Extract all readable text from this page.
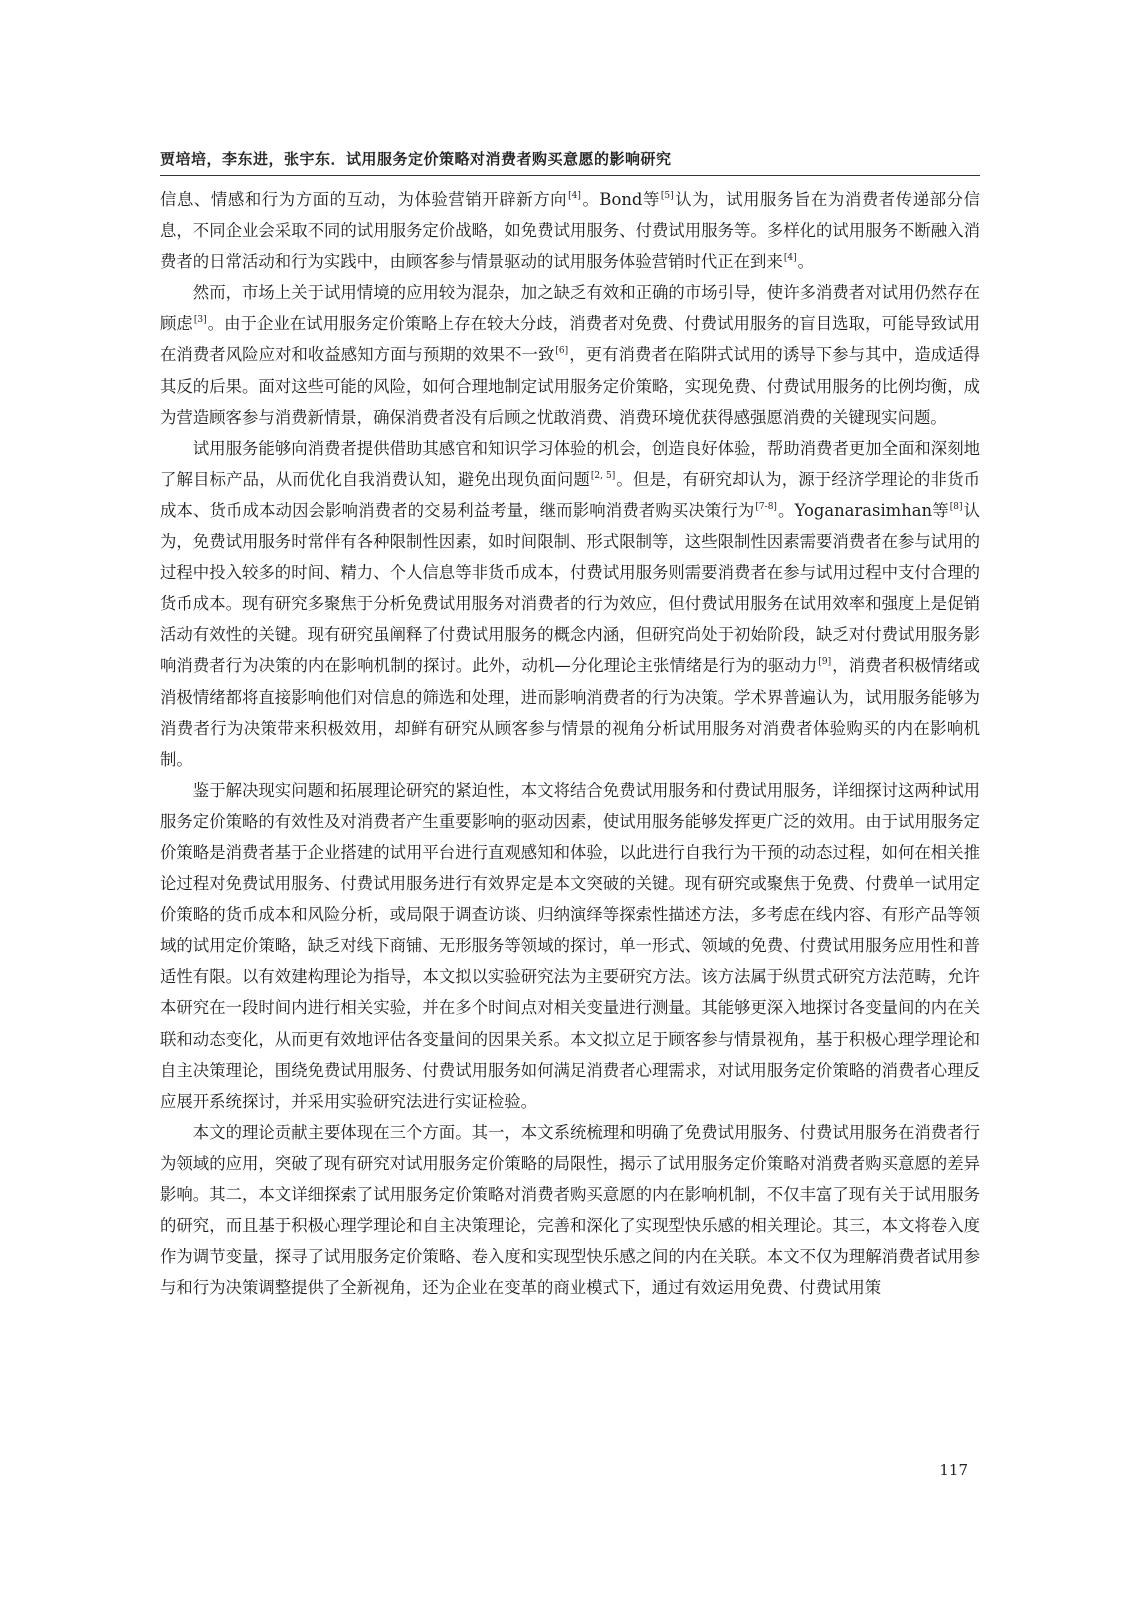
贾培培，李东进，张宇东．试用服务定价策略对消费者购买意愿的影响研究

信息、情感和行为方面的互动，为体验营销开辟新方向[4]。Bond等[5]认为，试用服务旨在为消费者传递部分信息，不同企业会采取不同的试用服务定价战略，如免费试用服务、付费试用服务等。多样化的试用服务不断融入消费者的日常活动和行为实践中，由顾客参与情景驱动的试用服务体验营销时代正在到来[4]。

然而，市场上关于试用情境的应用较为混杂，加之缺乏有效和正确的市场引导，使许多消费者对试用仍然存在顾虑[3]。由于企业在试用服务定价策略上存在较大分歧，消费者对免费、付费试用服务的盲目选取，可能导致试用在消费者风险应对和收益感知方面与预期的效果不一致[6]，更有消费者在陷阱式试用的诱导下参与其中，造成适得其反的后果。面对这些可能的风险，如何合理地制定试用服务定价策略，实现免费、付费试用服务的比例均衡，成为营造顾客参与消费新情景，确保消费者没有后顾之忧敢消费、消费环境优获得感强愿消费的关键现实问题。

试用服务能够向消费者提供借助其感官和知识学习体验的机会，创造良好体验，帮助消费者更加全面和深刻地了解目标产品，从而优化自我消费认知，避免出现负面问题[2, 5]。但是，有研究却认为，源于经济学理论的非货币成本、货币成本动因会影响消费者的交易利益考量，继而影响消费者购买决策行为[7-8]。Yoganarasimhan等[8]认为，免费试用服务时常伴有各种限制性因素，如时间限制、形式限制等，这些限制性因素需要消费者在参与试用的过程中投入较多的时间、精力、个人信息等非货币成本，付费试用服务则需要消费者在参与试用过程中支付合理的货币成本。现有研究多聚焦于分析免费试用服务对消费者的行为效应，但付费试用服务在试用效率和强度上是促销活动有效性的关键。现有研究虽阐释了付费试用服务的概念内涵，但研究尚处于初始阶段，缺乏对付费试用服务影响消费者行为决策的内在影响机制的探讨。此外，动机—分化理论主张情绪是行为的驱动力[9]，消费者积极情绪或消极情绪都将直接影响他们对信息的筛选和处理，进而影响消费者的行为决策。学术界普遍认为，试用服务能够为消费者行为决策带来积极效用，却鲜有研究从顾客参与情景的视角分析试用服务对消费者体验购买的内在影响机制。

鉴于解决现实问题和拓展理论研究的紧迫性，本文将结合免费试用服务和付费试用服务，详细探讨这两种试用服务定价策略的有效性及对消费者产生重要影响的驱动因素，使试用服务能够发挥更广泛的效用。由于试用服务定价策略是消费者基于企业搭建的试用平台进行直观感知和体验，以此进行自我行为干预的动态过程，如何在相关推论过程对免费试用服务、付费试用服务进行有效界定是本文突破的关键。现有研究或聚焦于免费、付费单一试用定价策略的货币成本和风险分析，或局限于调查访谈、归纳演绎等探索性描述方法，多考虑在线内容、有形产品等领域的试用定价策略，缺乏对线下商铺、无形服务等领域的探讨，单一形式、领域的免费、付费试用服务应用性和普适性有限。以有效建构理论为指导，本文拟以实验研究法为主要研究方法。该方法属于纵贯式研究方法范畴，允许本研究在一段时间内进行相关实验，并在多个时间点对相关变量进行测量。其能够更深入地探讨各变量间的内在关联和动态变化，从而更有效地评估各变量间的因果关系。本文拟立足于顾客参与情景视角，基于积极心理学理论和自主决策理论，围绕免费试用服务、付费试用服务如何满足消费者心理需求，对试用服务定价策略的消费者心理反应展开系统探讨，并采用实验研究法进行实证检验。

本文的理论贡献主要体现在三个方面。其一，本文系统梳理和明确了免费试用服务、付费试用服务在消费者行为领域的应用，突破了现有研究对试用服务定价策略的局限性，揭示了试用服务定价策略对消费者购买意愿的差异影响。其二，本文详细探索了试用服务定价策略对消费者购买意愿的内在影响机制，不仅丰富了现有关于试用服务的研究，而且基于积极心理学理论和自主决策理论，完善和深化了实现型快乐感的相关理论。其三，本文将卷入度作为调节变量，探寻了试用服务定价策略、卷入度和实现型快乐感之间的内在关联。本文不仅为理解消费者试用参与和行为决策调整提供了全新视角，还为企业在变革的商业模式下，通过有效运用免费、付费试用策

117
